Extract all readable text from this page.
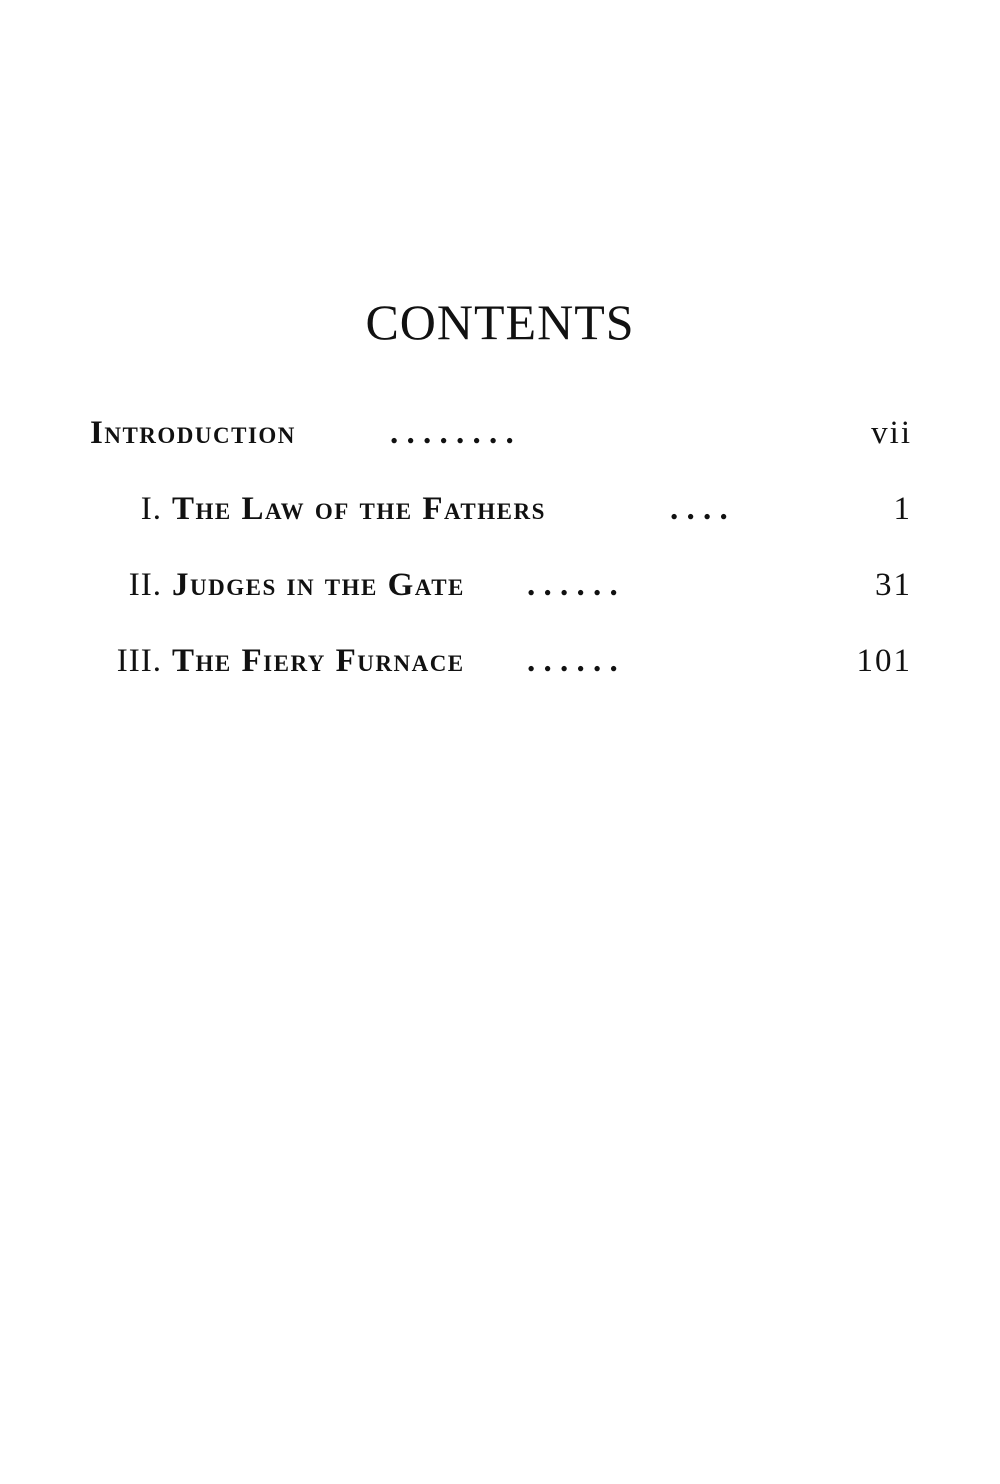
CONTENTS
Introduction	. . . . . . . .	vii
I. The Law of the Fathers	. . . .	1
II. Judges in the Gate . . . . . .	31
III. The Fiery Furnace . . . . . .	101
